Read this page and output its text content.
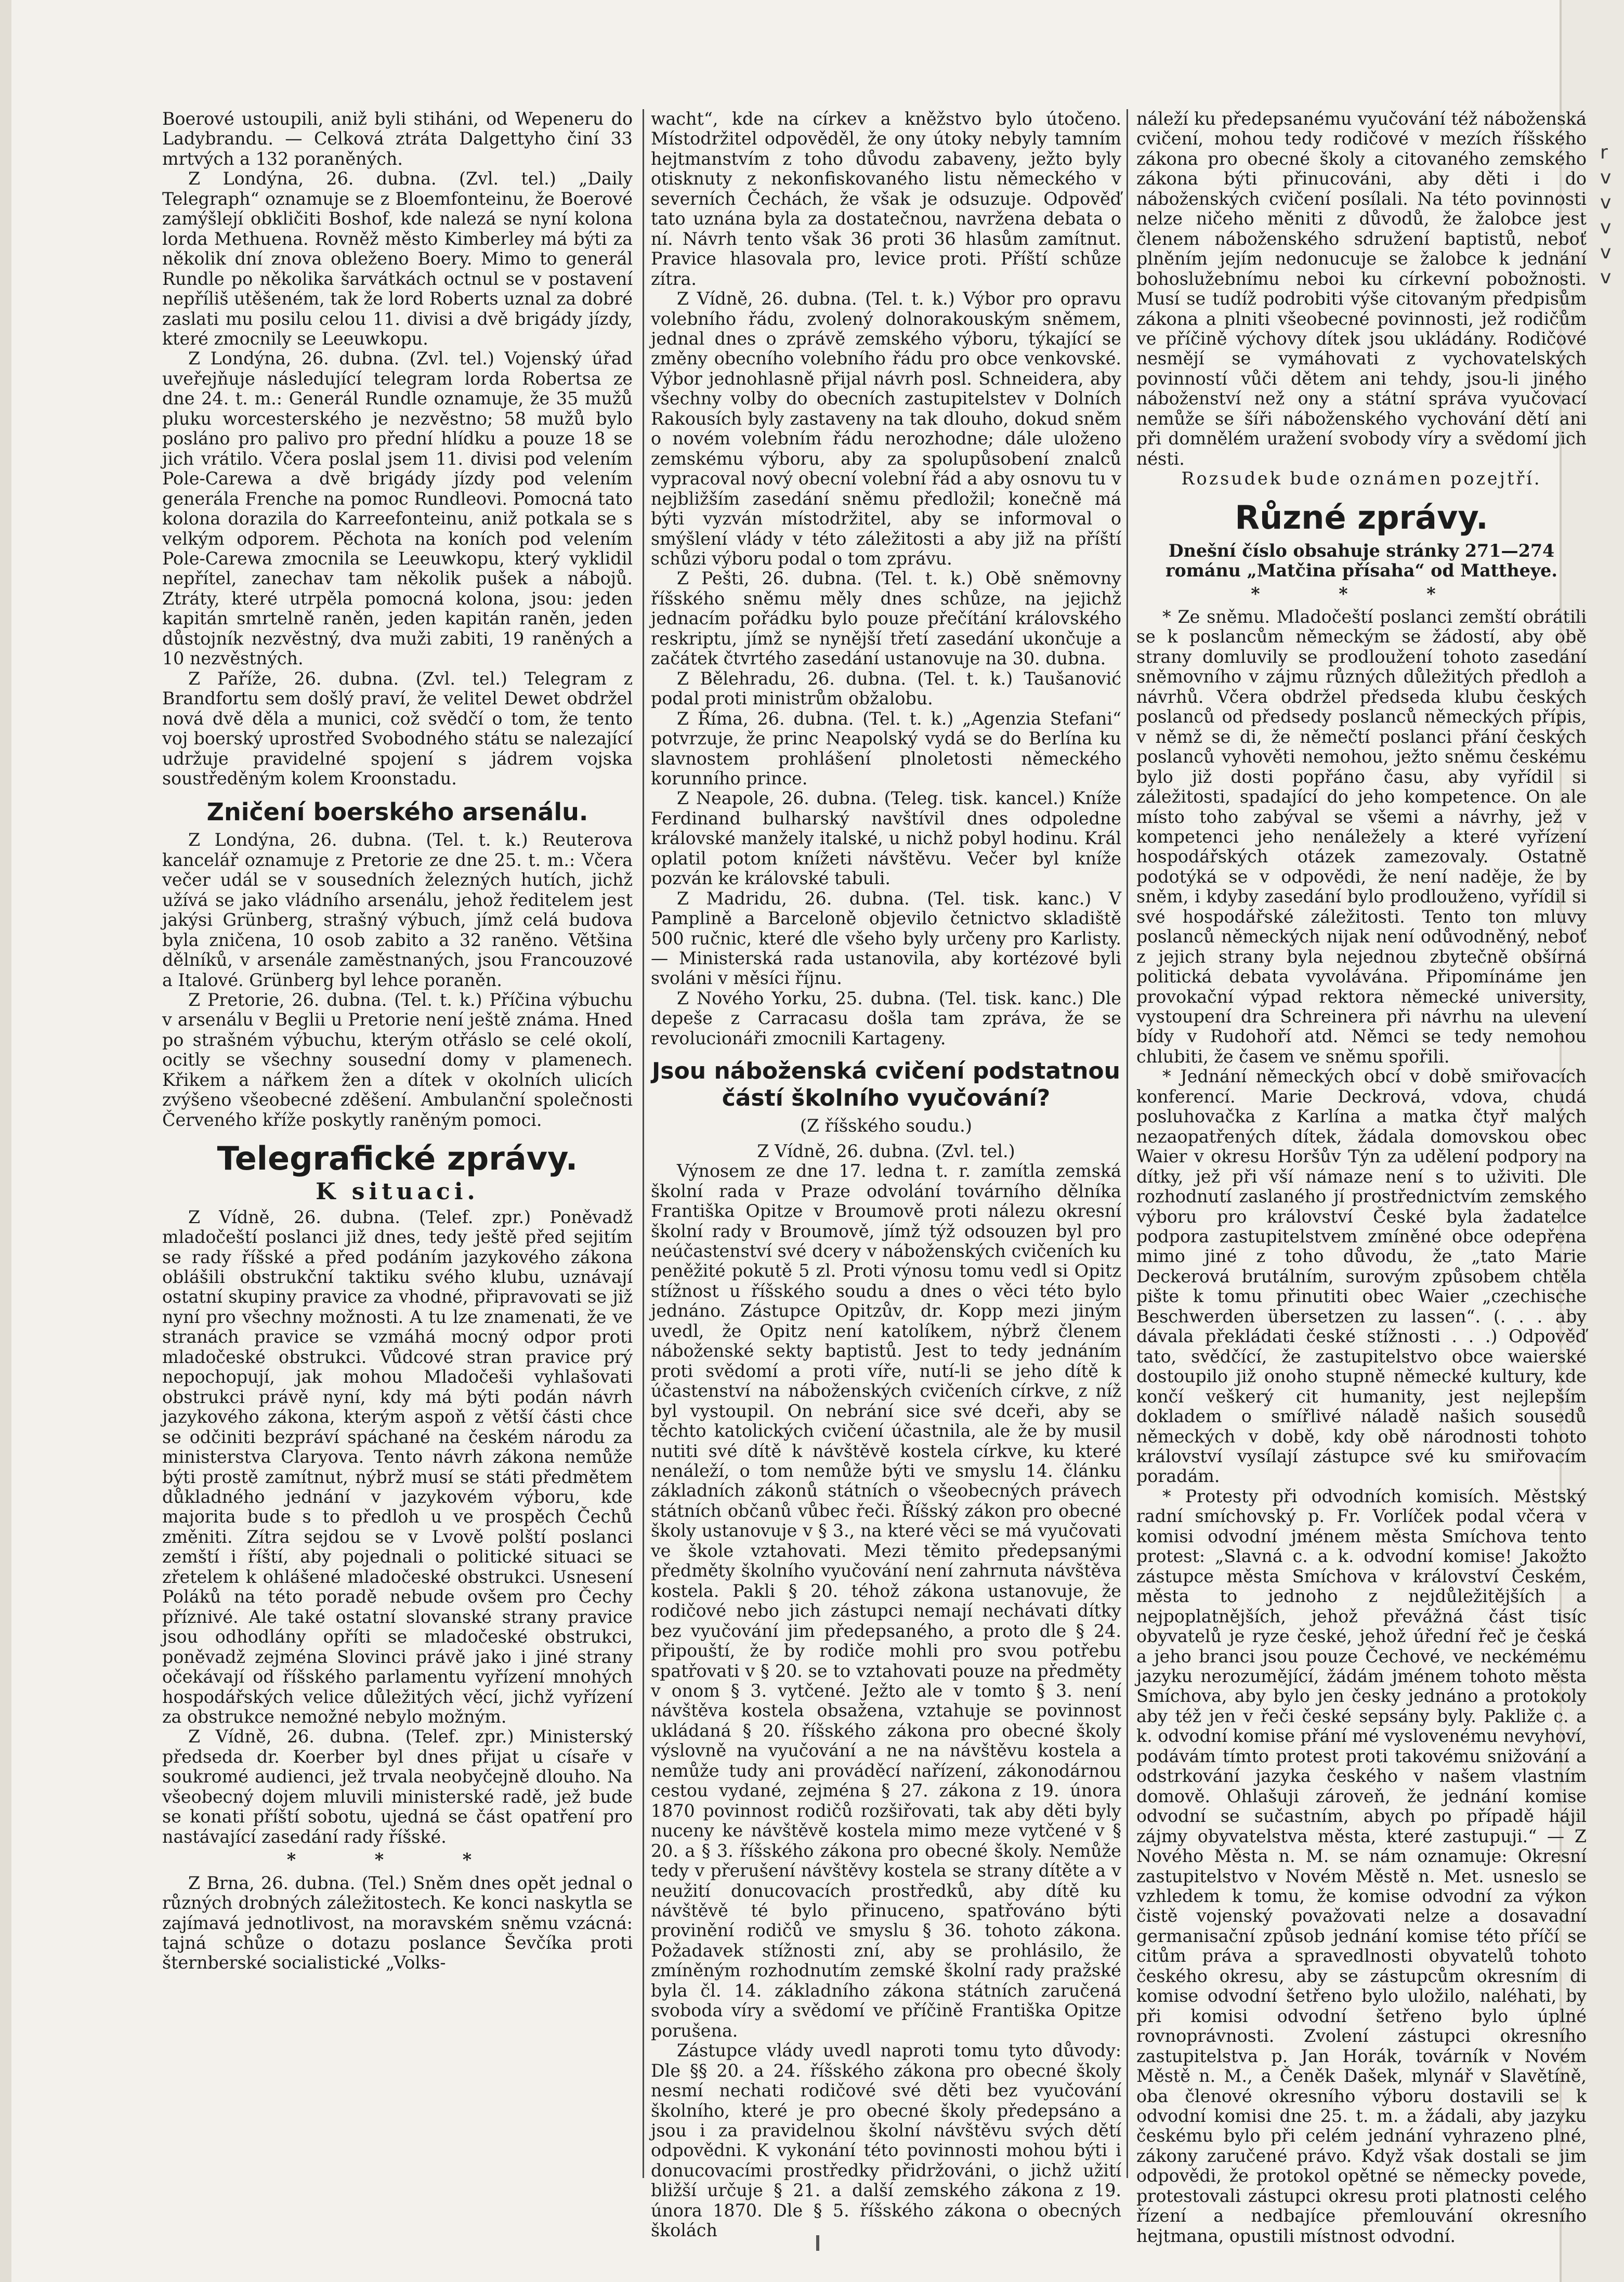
r v v v v v

Boerové ustoupili, aniž byli stiháni, od Wepeneru do Ladybrandu. — Celková ztráta Dalgettyho činí 33 mrtvých a 132 poraněných.

Z Londýna, 26. dubna. (Zvl. tel.) „Daily Telegraph“ oznamuje se z Bloemfonteinu, že Boerové zamýšlejí obkličiti Boshof, kde nalezá se nyní kolona lorda Methuena. Rovněž město Kimberley má býti za několik dní znova obleženo Boery. Mimo to generál Rundle po několika šarvátkách octnul se v postavení nepříliš utěšeném, tak že lord Roberts uznal za dobré zaslati mu posilu celou 11. divisi a dvě brigády jízdy, které zmocnily se Leeuwkopu.

Z Londýna, 26. dubna. (Zvl. tel.) Vojenský úřad uveřejňuje následující telegram lorda Robertsa ze dne 24. t. m.: Generál Rundle oznamuje, že 35 mužů pluku worcesterského je nezvěstno; 58 mužů bylo posláno pro palivo pro přední hlídku a pouze 18 se jich vrátilo. Včera poslal jsem 11. divisi pod velením Pole-Carewa a dvě brigády jízdy pod velením generála Frenche na pomoc Rundleovi. Pomocná tato kolona dorazila do Karreefonteinu, aniž potkala se s velkým odporem. Pěchota na koních pod velením Pole-Carewa zmocnila se Leeuwkopu, který vyklidil nepřítel, zanechav tam několik pušek a nábojů. Ztráty, které utrpěla pomocná kolona, jsou: jeden kapitán smrtelně raněn, jeden kapitán raněn, jeden důstojník nezvěstný, dva muži zabiti, 19 raněných a 10 nezvěstných.

Z Paříže, 26. dubna. (Zvl. tel.) Telegram z Brandfortu sem došlý praví, že velitel Dewet obdržel nová dvě děla a munici, což svědčí o tom, že tento voj boerský uprostřed Svobodného státu se nalezající udržuje pravidelné spojení s jádrem vojska soustředěným kolem Kroonstadu.

Zničení boerského arsenálu.

Z Londýna, 26. dubna. (Tel. t. k.) Reuterova kancelář oznamuje z Pretorie ze dne 25. t. m.: Včera večer udál se v sousedních železných hutích, jichž užívá se jako vládního arsenálu, jehož ředitelem jest jakýsi Grünberg, strašný výbuch, jímž celá budova byla zničena, 10 osob zabito a 32 raněno. Většina dělníků, v arsenále zaměstnaných, jsou Francouzové a Italové. Grünberg byl lehce poraněn.

Z Pretorie, 26. dubna. (Tel. t. k.) Příčina výbuchu v arsenálu v Beglii u Pretorie není ještě známa. Hned po strašném výbuchu, kterým otřáslo se celé okolí, ocitly se všechny sousední domy v plamenech. Křikem a nářkem žen a dítek v okolních ulicích zvýšeno všeobecné zděšení. Ambulanční společnosti Červeného kříže poskytly raněným pomoci.

Telegrafické zprávy.
K situaci.

Z Vídně, 26. dubna. (Telef. zpr.) Poněvadž mladočeští poslanci již dnes, tedy ještě před sejitím se rady říšské a před podáním jazykového zákona oblášili obstrukční taktiku svého klubu, uznávají ostatní skupiny pravice za vhodné, připravovati se již nyní pro všechny možnosti. A tu lze znamenati, že ve stranách pravice se vzmáhá mocný odpor proti mladočeské obstrukci. Vůdcové stran pravice prý nepochopují, jak mohou Mladočeši vyhlašovati obstrukci právě nyní, kdy má býti podán návrh jazykového zákona, kterým aspoň z větší části chce se odčiniti bezpráví spáchané na českém národu za ministerstva Claryova. Tento návrh zákona nemůže býti prostě zamítnut, nýbrž musí se státi předmětem důkladného jednání v jazykovém výboru, kde majorita bude s to předloh u ve prospěch Čechů změniti. Zítra sejdou se v Lvově polští poslanci zemští i říští, aby pojednali o politické situaci se zřetelem k ohlášené mladočeské obstrukci. Usnesení Poláků na této poradě nebude ovšem pro Čechy příznivé. Ale také ostatní slovanské strany pravice jsou odhodlány opříti se mladočeské obstrukci, poněvadž zejména Slovinci právě jako i jiné strany očekávají od říšského parlamentu vyřízení mnohých hospodářských velice důležitých věcí, jichž vyřízení za obstrukce nemožné nebylo možným.

Z Vídně, 26. dubna. (Telef. zpr.) Ministerský předseda dr. Koerber byl dnes přijat u císaře v soukromé audienci, jež trvala neobyčejně dlouho. Na všeobecný dojem mluvili ministerské radě, jež bude se konati příští sobotu, ujedná se část opatření pro nastávající zasedání rady říšské.

* * *

Z Brna, 26. dubna. (Tel.) Sněm dnes opět jednal o různých drobných záležitostech. Ke konci naskytla se zajímavá jednotlivost, na moravském sněmu vzácná: tajná schůze o dotazu poslance Ševčíka proti šternberské socialistické „Volks-

wacht“, kde na církev a kněžstvo bylo útočeno. Místodržitel odpověděl, že ony útoky nebyly tamním hejtmanstvím z toho důvodu zabaveny, ježto byly otisknuty z nekonfiskovaného listu německého v severních Čechách, že však je odsuzuje. Odpověď tato uznána byla za dostatečnou, navržena debata o ní. Návrh tento však 36 proti 36 hlasům zamítnut. Pravice hlasovala pro, levice proti. Příští schůze zítra.

Z Vídně, 26. dubna. (Tel. t. k.) Výbor pro opravu volebního řádu, zvolený dolnorakouským sněmem, jednal dnes o zprávě zemského výboru, týkající se změny obecního volebního řádu pro obce venkovské. Výbor jednohlasně přijal návrh posl. Schneidera, aby všechny volby do obecních zastupitelstev v Dolních Rakousích byly zastaveny na tak dlouho, dokud sněm o novém volebním řádu nerozhodne; dále uloženo zemskému výboru, aby za spolupůsobení znalců vypracoval nový obecní volební řád a aby osnovu tu v nejbližším zasedání sněmu předložil; konečně má býti vyzván místodržitel, aby se informoval o smýšlení vlády v této záležitosti a aby již na příští schůzi výboru podal o tom zprávu.

Z Pešti, 26. dubna. (Tel. t. k.) Obě sněmovny říšského sněmu měly dnes schůze, na jejichž jednacím pořádku bylo pouze přečítání královského reskriptu, jímž se nynější třetí zasedání ukončuje a začátek čtvrtého zasedání ustanovuje na 30. dubna.

Z Bělehradu, 26. dubna. (Tel. t. k.) Taušanović podal proti ministrům obžalobu.

Z Říma, 26. dubna. (Tel. t. k.) „Agenzia Stefani“ potvrzuje, že princ Neapolský vydá se do Berlína ku slavnostem prohlášení plnoletosti německého korunního prince.

Z Neapole, 26. dubna. (Teleg. tisk. kancel.) Kníže Ferdinand bulharský navštívil dnes odpoledne královské manžely italské, u nichž pobyl hodinu. Král oplatil potom knížeti návštěvu. Večer byl kníže pozván ke královské tabuli.

Z Madridu, 26. dubna. (Tel. tisk. kanc.) V Pamplině a Barceloně objevilo četnictvo skladiště 500 ručnic, které dle všeho byly určeny pro Karlisty. — Ministerská rada ustanovila, aby kortézové byli svoláni v měsíci říjnu.

Z Nového Yorku, 25. dubna. (Tel. tisk. kanc.) Dle depeše z Carracasu došla tam zpráva, že se revolucionáři zmocnili Kartageny.

Jsou náboženská cvičení podstatnou částí školního vyučování?
(Z říšského soudu.)

Z Vídně, 26. dubna. (Zvl. tel.)

Výnosem ze dne 17. ledna t. r. zamítla zemská školní rada v Praze odvolání továrního dělníka Františka Opitze v Broumově proti nálezu okresní školní rady v Broumově, jímž týž odsouzen byl pro neúčastenství své dcery v náboženských cvičeních ku peněžité pokutě 5 zl. Proti výnosu tomu vedl si Opitz stížnost u říšského soudu a dnes o věci této bylo jednáno. Zástupce Opitzův, dr. Kopp mezi jiným uvedl, že Opitz není katolíkem, nýbrž členem náboženské sekty baptistů. Jest to tedy jednáním proti svědomí a proti víře, nutí-li se jeho dítě k účastenství na náboženských cvičeních církve, z níž byl vystoupil. On nebrání sice své dceři, aby se těchto katolických cvičení účastnila, ale že by musil nutiti své dítě k návštěvě kostela církve, ku které nenáleží, o tom nemůže býti ve smyslu 14. článku základních zákonů státních o všeobecných právech státních občanů vůbec řeči. Říšský zákon pro obecné školy ustanovuje v § 3., na které věci se má vyučovati ve škole vztahovati. Mezi těmito předepsanými předměty školního vyučování není zahrnuta návštěva kostela. Pakli § 20. téhož zákona ustanovuje, že rodičové nebo jich zástupci nemají nechávati dítky bez vyučování jim předepsaného, a proto dle § 24. připouští, že by rodiče mohli pro svou potřebu spatřovati v § 20. se to vztahovati pouze na předměty v onom § 3. vytčené. Ježto ale v tomto § 3. není návštěva kostela obsažena, vztahuje se povinnost ukládaná § 20. říšského zákona pro obecné školy výslovně na vyučování a ne na návštěvu kostela a nemůže tudy ani prováděcí nařízení, zákonodárnou cestou vydané, zejména § 27. zákona z 19. února 1870 povinnost rodičů rozšiřovati, tak aby děti byly nuceny ke návštěvě kostela mimo meze vytčené v § 20. a § 3. říšského zákona pro obecné školy. Nemůže tedy v přerušení návštěvy kostela se strany dítěte a v neužití donucovacích prostředků, aby dítě ku návštěvě té bylo přinuceno, spatřováno býti provinění rodičů ve smyslu § 36. tohoto zákona. Požadavek stížnosti zní, aby se prohlásilo, že zmíněným rozhodnutím zemské školní rady pražské byla čl. 14. základního zákona státních zaručená svoboda víry a svědomí ve příčině Františka Opitze porušena.

Zástupce vlády uvedl naproti tomu tyto důvody: Dle §§ 20. a 24. říšského zákona pro obecné školy nesmí nechati rodičové své děti bez vyučování školního, které je pro obecné školy předepsáno a jsou i za pravidelnou školní návštěvu svých dětí odpovědni. K vykonání této povinnosti mohou býti i donucovacími prostředky přidržováni, o jichž užití bližší určuje § 21. a další zemského zákona z 19. února 1870. Dle § 5. říšského zákona o obecných školách

náleží ku předepsanému vyučování též náboženská cvičení, mohou tedy rodičové v mezích říšského zákona pro obecné školy a citovaného zemského zákona býti přinucováni, aby děti i do náboženských cvičení posílali. Na této povinnosti nelze ničeho měniti z důvodů, že žalobce jest členem náboženského sdružení baptistů, neboť plněním jejím nedonucuje se žalobce k jednání bohoslužebnímu neboi ku církevní pobožnosti. Musí se tudíž podrobiti výše citovaným předpisům zákona a plniti všeobecné povinnosti, jež rodičům ve příčině výchovy dítek jsou ukládány. Rodičové nesmějí se vymáhovati z vychovatelských povinností vůči dětem ani tehdy, jsou-li jiného náboženství než ony a státní správa vyučovací nemůže se šíři náboženského vychování dětí ani při domnělém uražení svobody víry a svědomí jich nésti.

Rozsudek bude oznámen pozejtří.

Různé zprávy.

Dnešní číslo obsahuje stránky 271—274 románu „Matčina přísaha“ od Mattheye.

* * *

* Ze sněmu. Mladočeští poslanci zemští obrátili se k poslancům německým se žádostí, aby obě strany domluvily se prodloužení tohoto zasedání sněmovního v zájmu různých důležitých předloh a návrhů. Včera obdržel předseda klubu českých poslanců od předsedy poslanců německých přípis, v němž se di, že němečtí poslanci přání českých poslanců vyhověti nemohou, ježto sněmu českému bylo již dosti popřáno času, aby vyřídil si záležitosti, spadající do jeho kompetence. On ale místo toho zabýval se všemi a návrhy, jež v kompetenci jeho nenáležely a které vyřízení hospodářských otázek zamezovaly. Ostatně podotýká se v odpovědi, že není naděje, že by sněm, i kdyby zasedání bylo prodlouženo, vyřídil si své hospodářské záležitosti. Tento ton mluvy poslanců německých nijak není odůvodněný, neboť z jejich strany byla nejednou zbytečně obšírná politická debata vyvolávána. Připomínáme jen provokační výpad rektora německé university, vystoupení dra Schreinera při návrhu na ulevení bídy v Rudohoří atd. Němci se tedy nemohou chlubiti, že časem ve sněmu spořili.

* Jednání německých obcí v době smiřovacích konferencí. Marie Deckrová, vdova, chudá posluhovačka z Karlína a matka čtyř malých nezaopatřených dítek, žádala domovskou obec Waier v okresu Horšův Týn za udělení podpory na dítky, jež při vší námaze není s to uživiti. Dle rozhodnutí zaslaného jí prostřednictvím zemského výboru pro království České byla žadatelce podpora zastupitelstvem zmíněné obce odepřena mimo jiné z toho důvodu, že „tato Marie Deckerová brutálním, surovým způsobem chtěla pište k tomu přinutiti obec Waier „czechische Beschwerden übersetzen zu lassen“. (. . . aby dávala překládati české stížnosti . . .) Odpověď tato, svědčící, že zastupitelstvo obce waierské dostoupilo již onoho stupně německé kultury, kde končí veškerý cit humanity, jest nejlepším dokladem o smířlivé náladě našich sousedů německých v době, kdy obě národnosti tohoto království vysílají zástupce své ku smiřovacím poradám.

* Protesty při odvodních komisích. Městský radní smíchovský p. Fr. Vorlíček podal včera v komisi odvodní jménem města Smíchova tento protest: „Slavná c. a k. odvodní komise! Jakožto zástupce města Smíchova v království Českém, města to jednoho z nejdůležitějších a nejpoplatnějších, jehož převážná část tisíc obyvatelů je ryze české, jehož úřední řeč je česká a jeho branci jsou pouze Čechové, ve neckémému jazyku nerozumějící, žádám jménem tohoto města Smíchova, aby bylo jen česky jednáno a protokoly aby též jen v řeči české sepsány byly. Pakliže c. a k. odvodní komise přání mé vyslovenému nevyhoví, podávám tímto protest proti takovému snižování a odstrkování jazyka českého v našem vlastním domově. Ohlašuji zároveň, že jednání komise odvodní se sučastním, abych po případě hájil zájmy obyvatelstva města, které zastupuji.“ — Z Nového Města n. M. se nám oznamuje: Okresní zastupitelstvo v Novém Městě n. Met. usneslo se vzhledem k tomu, že komise odvodní za výkon čistě vojenský považovati nelze a dosavadní germanisační způsob jednání komise této příčí se citům práva a spravedlnosti obyvatelů tohoto českého okresu, aby se zástupcům okresním di komise odvodní šetřeno bylo uložilo, naléhati, by při komisi odvodní šetřeno bylo úplné rovnoprávnosti. Zvolení zástupci okresního zastupitelstva p. Jan Horák, továrník v Novém Městě n. M., a Čeněk Dašek, mlynář v Slavětíně, oba členové okresního výboru dostavili se k odvodní komisi dne 25. t. m. a žádali, aby jazyku českému bylo při celém jednání vyhrazeno plné, zákony zaručené právo. Když však dostali se jim odpovědi, že protokol opětné se německy povede, protestovali zástupci okresu proti platnosti celého řízení a nedbajíce přemlouvání okresního hejtmana, opustili místnost odvodní.
